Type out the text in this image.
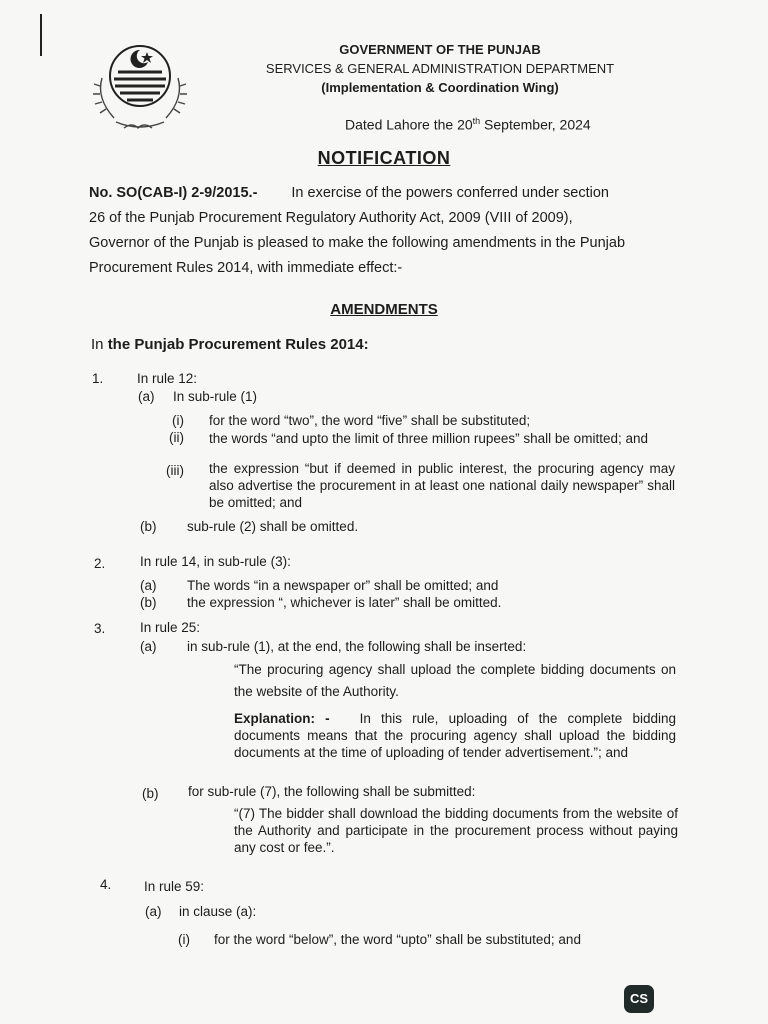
GOVERNMENT OF THE PUNJAB
SERVICES & GENERAL ADMINISTRATION DEPARTMENT
(Implementation & Coordination Wing)
Dated Lahore the 20th September, 2024
NOTIFICATION

No. SO(CAB-I) 2-9/2015.- In exercise of the powers conferred under section

26 of the Punjab Procurement Regulatory Authority Act, 2009 (VIII of 2009),

Governor of the Punjab is pleased to make the following amendments in the Punjab

Procurement Rules 2014, with immediate effect:-

AMENDMENTS
In the Punjab Procurement Rules 2014:
1. In rule 12:
(a) In sub-rule (1)
(i) for the word “two”, the word “five” shall be substituted;
(ii) the words “and upto the limit of three million rupees” shall be omitted; and
(iii) the expression “but if deemed in public interest, the procuring agency may also advertise the procurement in at least one national daily newspaper” shall be omitted; and
(b) sub-rule (2) shall be omitted.
2.	In rule 14, in sub-rule (3):
(a) The words “in a newspaper or” shall be omitted; and
(b) the expression “, whichever is later” shall be omitted.
3.	In rule 25:
(a) in sub-rule (1), at the end, the following shall be inserted:
“The procuring agency shall upload the complete bidding documents on the website of the Authority.
Explanation: - In this rule, uploading of the complete bidding documents means that the procuring agency shall upload the bidding documents at the time of uploading of tender advertisement.”; and
(b) for sub-rule (7), the following shall be submitted:
“(7) The bidder shall download the bidding documents from the website of the Authority and participate in the procurement process without paying any cost or fee.”.
4. In rule 59:
(a) in clause (a):
(i) for the word “below”, the word “upto” shall be substituted; and
CS
